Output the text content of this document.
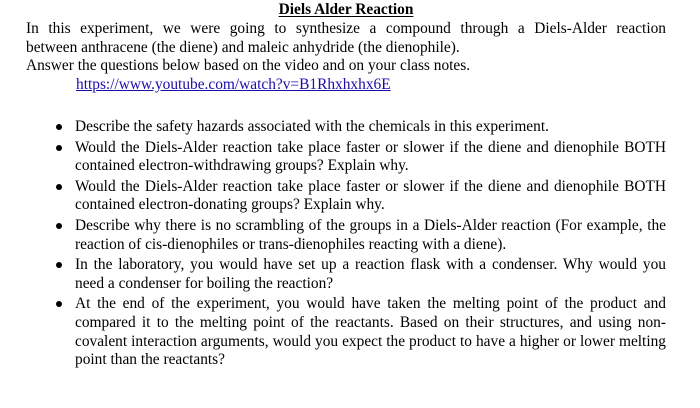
Diels Alder Reaction
In this experiment, we were going to synthesize a compound through a Diels-Alder reaction
between anthracene (the diene) and maleic anhydride (the dienophile).
Answer the questions below based on the video and on your class notes.
https://www.youtube.com/watch?v=B1Rhxhxhx6E
Describe the safety hazards associated with the chemicals in this experiment.
Would the Diels-Alder reaction take place faster or slower if the diene and dienophile BOTH contained electron-withdrawing groups? Explain why.
Would the Diels-Alder reaction take place faster or slower if the diene and dienophile BOTH contained electron-donating groups? Explain why.
Describe why there is no scrambling of the groups in a Diels-Alder reaction (For example, the reaction of cis-dienophiles or trans-dienophiles reacting with a diene).
In the laboratory, you would have set up a reaction flask with a condenser. Why would you need a condenser for boiling the reaction?
At the end of the experiment, you would have taken the melting point of the product and compared it to the melting point of the reactants. Based on their structures, and using non-covalent interaction arguments, would you expect the product to have a higher or lower melting point than the reactants?
